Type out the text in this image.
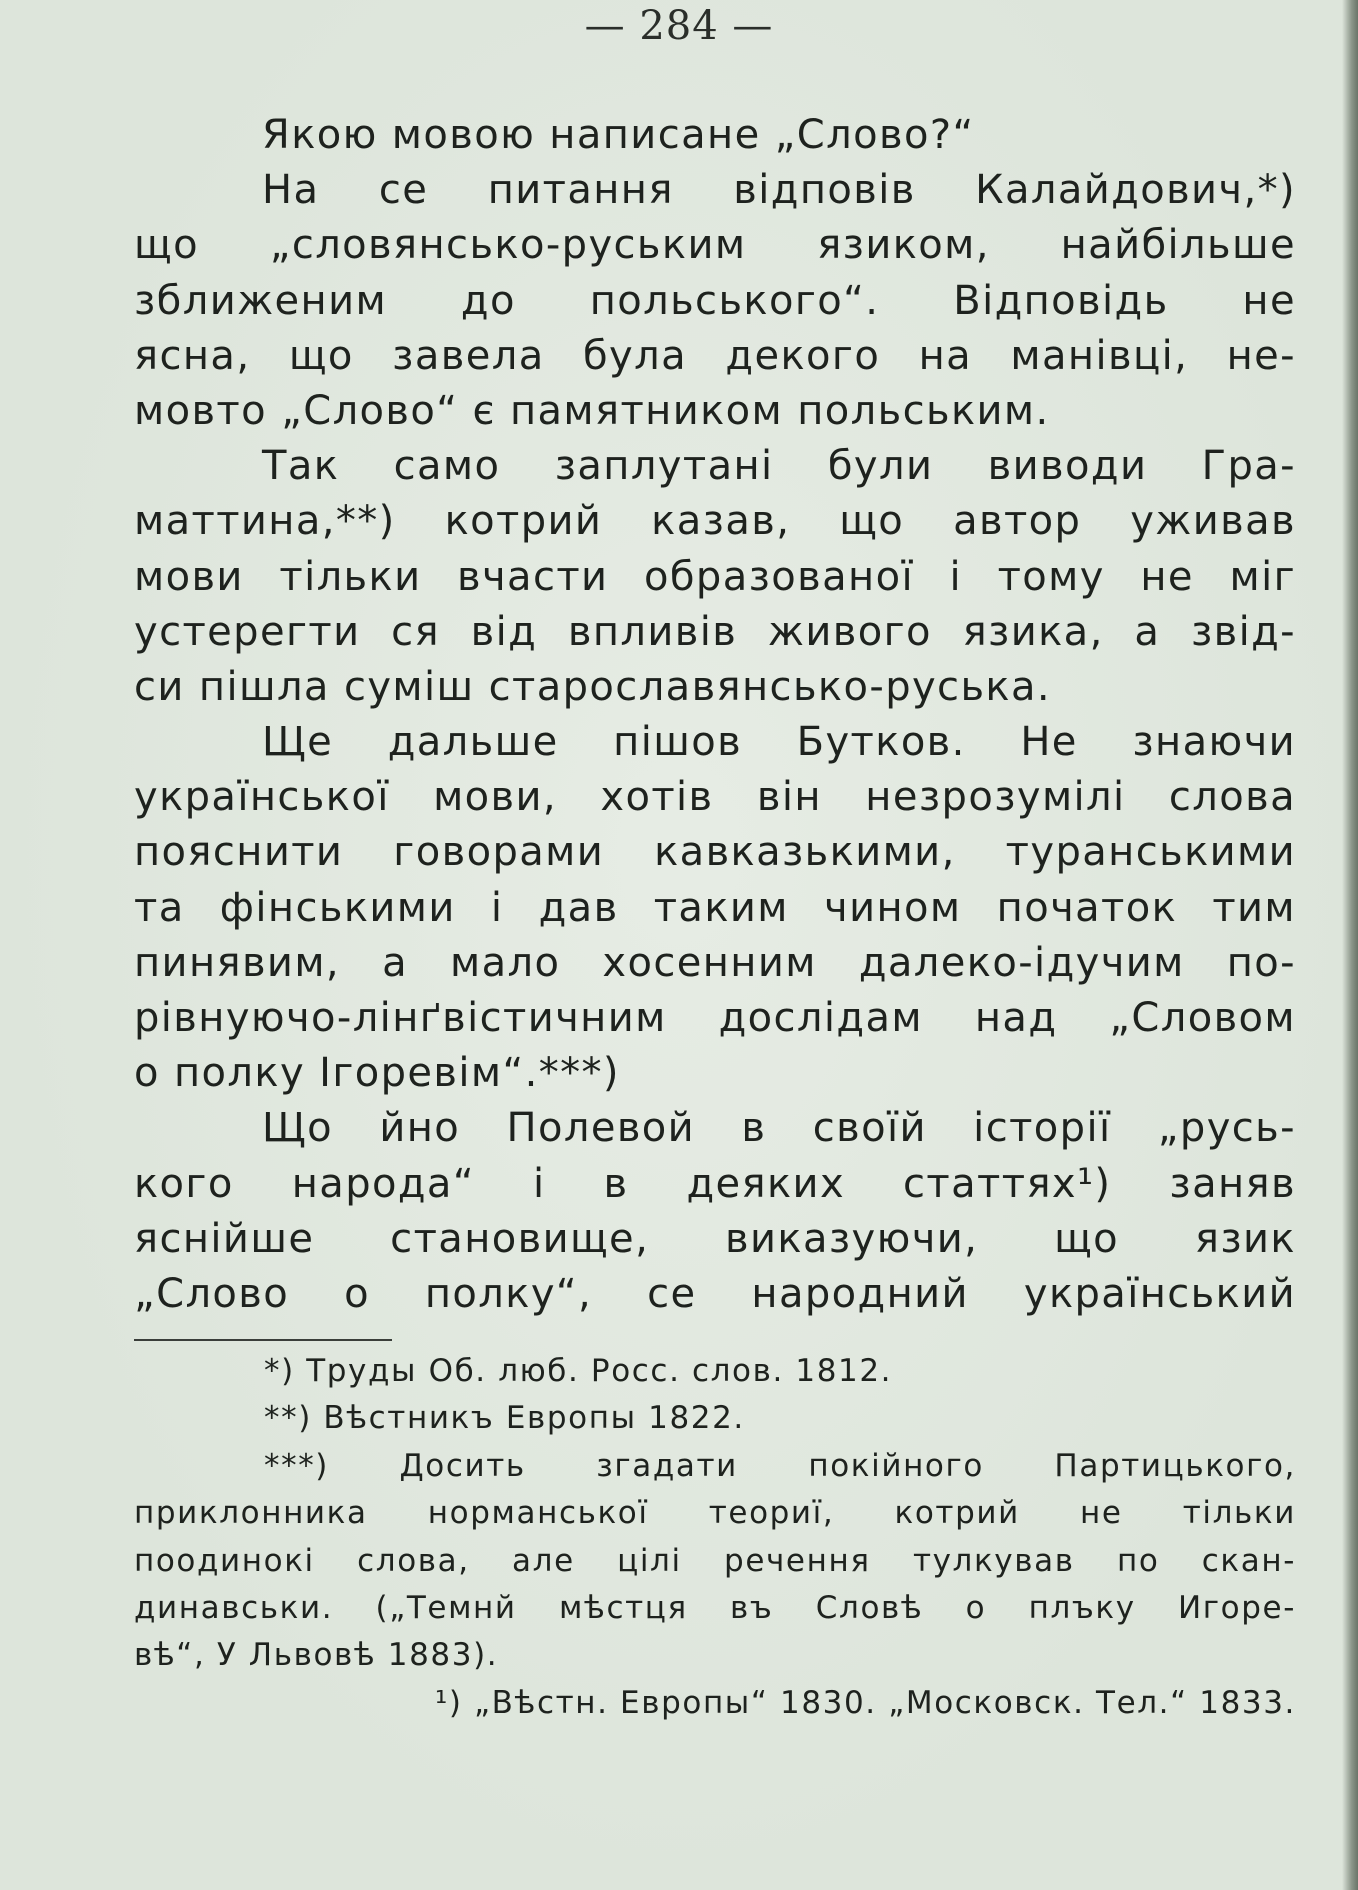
— 284 —
Якою мовою написане „Слово?“
На се питання відповів Калайдович,*)
що „словянсько-руським язиком, найбільше
зближеним до польського“. Відповідь не
ясна, що завела була декого на манівці, не-
мовто „Слово“ є памятником польським.
Так само заплутані були виводи Гра-
маттина,**) котрий казав, що автор уживав
мови тільки вчасти образованої і тому не міг
устерегти ся від впливів живого язика, а звід-
си пішла суміш старославянсько-руська.
Ще дальше пішов Бутков. Не знаючи
української мови, хотів він незрозумілі слова
пояснити говорами кавказькими, туранськими
та фінськими і дав таким чином початок тим
пинявим, а мало хосенним далеко-ідучим по-
рівнуючо-лінґвістичним дослідам над „Словом
о полку Ігоревім“.***)
Що йно Полевой в своїй історії „русь-
кого народа“ і в деяких статтях¹) заняв
яснійше становище, виказуючи, що язик
„Слово о полку“, се народний український
*) Труды Об. люб. Росс. слов. 1812.
**) Вѣстникъ Европы 1822.
***) Досить згадати покійного Партицького,
приклонника норманської теориї, котрий не тільки
поодинокі слова, але цілі речення тулкував по скан-
динавськи. („Темнй мѣстця въ Словѣ о плъку Игоре-
вѣ“, У Львовѣ 1883).
¹) „Вѣстн. Европы“ 1830. „Московск. Тел.“ 1833.
